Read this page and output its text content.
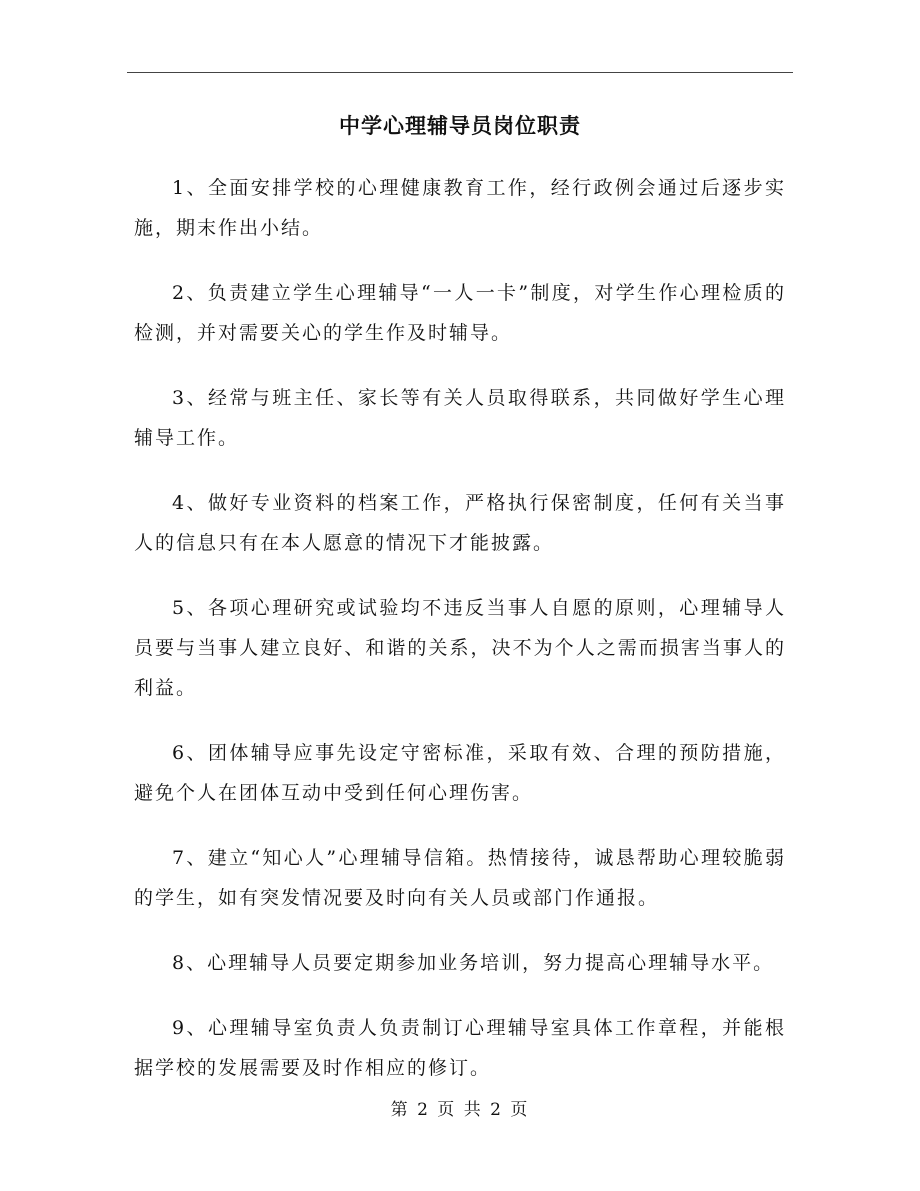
中学心理辅导员岗位职责

1、全面安排学校的心理健康教育工作，经行政例会通过后逐步实施，期末作出小结。

2、负责建立学生心理辅导“一人一卡”制度，对学生作心理检质的检测，并对需要关心的学生作及时辅导。

3、经常与班主任、家长等有关人员取得联系，共同做好学生心理辅导工作。

4、做好专业资料的档案工作，严格执行保密制度，任何有关当事人的信息只有在本人愿意的情况下才能披露。

5、各项心理研究或试验均不违反当事人自愿的原则，心理辅导人员要与当事人建立良好、和谐的关系，决不为个人之需而损害当事人的利益。

6、团体辅导应事先设定守密标准，采取有效、合理的预防措施，避免个人在团体互动中受到任何心理伤害。

7、建立“知心人”心理辅导信箱。热情接待，诚恳帮助心理较脆弱的学生，如有突发情况要及时向有关人员或部门作通报。

8、心理辅导人员要定期参加业务培训，努力提高心理辅导水平。

9、心理辅导室负责人负责制订心理辅导室具体工作章程，并能根据学校的发展需要及时作相应的修订。

第 2 页 共 2 页
